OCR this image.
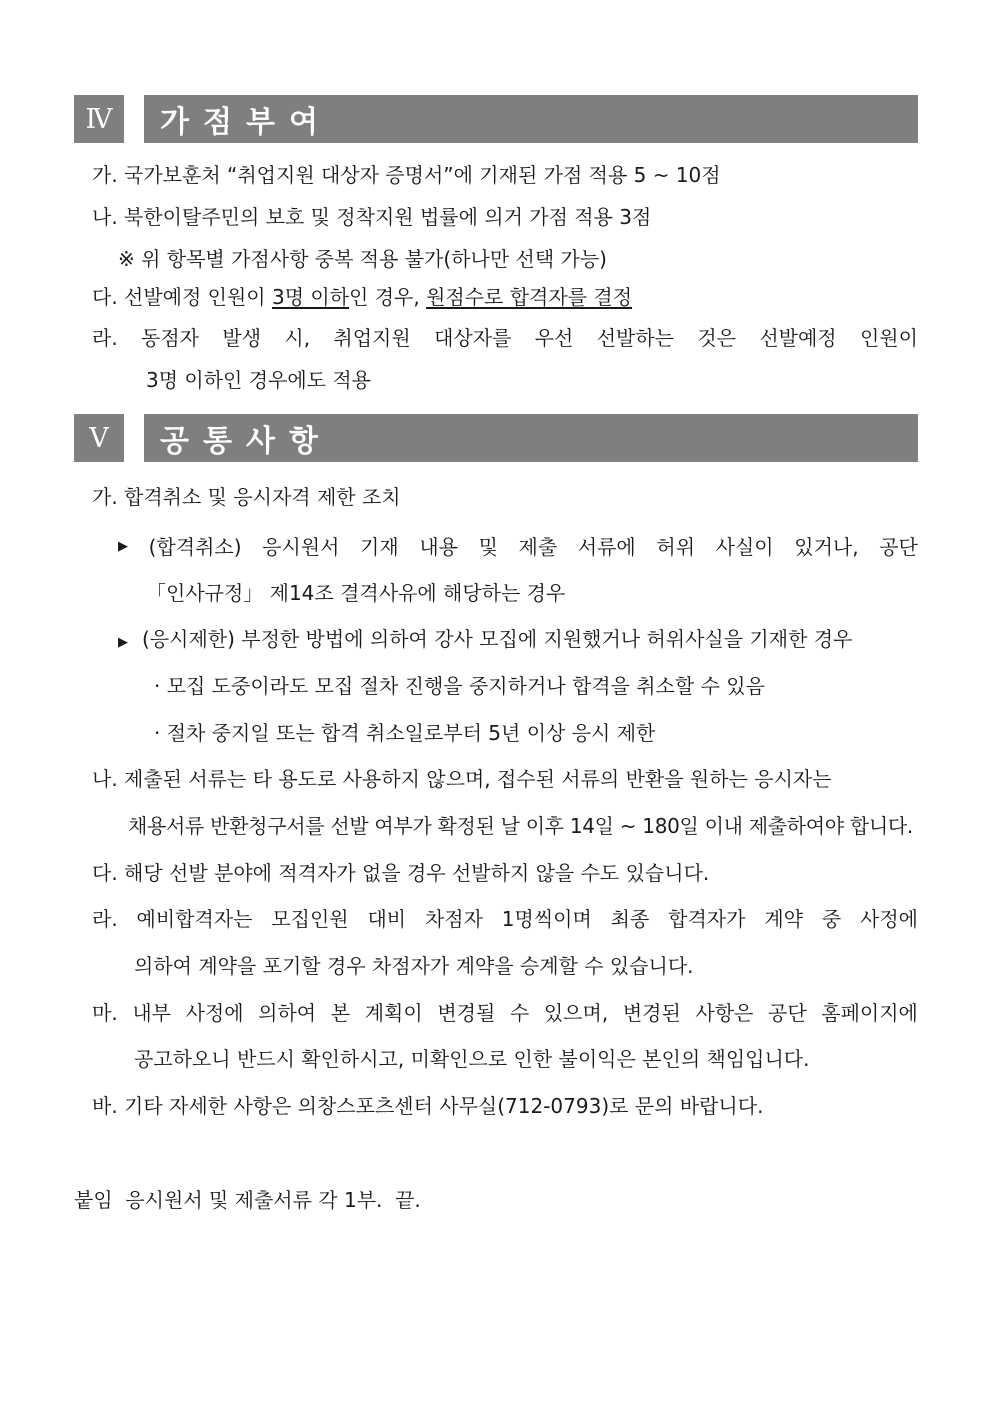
Ⅳ	가점부여
가. 국가보훈처 “취업지원 대상자 증명서”에 기재된 가점 적용 5 ~ 10점
나. 북한이탈주민의 보호 및 정착지원 법률에 의거 가점 적용 3점
※ 위 항목별 가점사항 중복 적용 불가(하나만 선택 가능)
다. 선발예정 인원이 3명 이하인 경우, 원점수로 합격자를 결정
라. 동점자 발생 시, 취업지원 대상자를 우선 선발하는 것은 선발예정 인원이
3명 이하인 경우에도 적용
Ⅴ	공통사항
가. 합격취소 및 응시자격 제한 조치
▶ (합격취소) 응시원서 기재 내용 및 제출 서류에 허위 사실이 있거나, 공단
「인사규정」 제14조 결격사유에 해당하는 경우
▶ (응시제한) 부정한 방법에 의하여 강사 모집에 지원했거나 허위사실을 기재한 경우
· 모집 도중이라도 모집 절차 진행을 중지하거나 합격을 취소할 수 있음
· 절차 중지일 또는 합격 취소일로부터 5년 이상 응시 제한
나. 제출된 서류는 타 용도로 사용하지 않으며, 접수된 서류의 반환을 원하는 응시자는
채용서류 반환청구서를 선발 여부가 확정된 날 이후 14일 ~ 180일 이내 제출하여야 합니다.
다. 해당 선발 분야에 적격자가 없을 경우 선발하지 않을 수도 있습니다.
라. 예비합격자는 모집인원 대비 차점자 1명씩이며 최종 합격자가 계약 중 사정에
의하여 계약을 포기할 경우 차점자가 계약을 승계할 수 있습니다.
마. 내부 사정에 의하여 본 계획이 변경될 수 있으며, 변경된 사항은 공단 홈페이지에
공고하오니 반드시 확인하시고, 미확인으로 인한 불이익은 본인의 책임입니다.
바. 기타 자세한 사항은 의창스포츠센터 사무실(712-0793)로 문의 바랍니다.
붙임  응시원서 및 제출서류 각 1부.  끝.
